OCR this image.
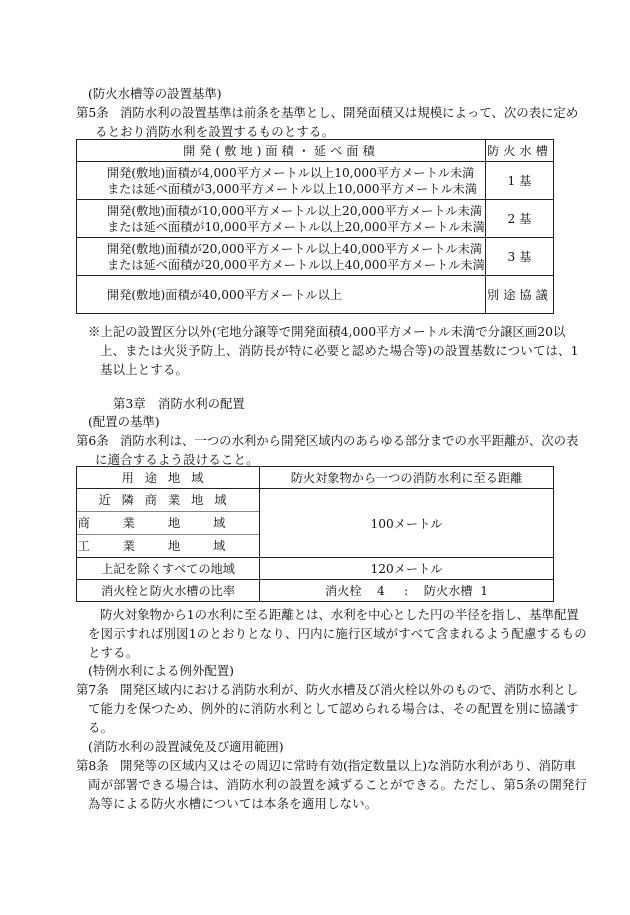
(防火水槽等の設置基準)
第5条 消防水利の設置基準は前条を基準とし、開発面積又は規模によって、次の表に定め
るとおり消防水利を設置するものとする。
開発(敷地)面積・延べ面積	防火水槽

開発(敷地)面積が4,000平方メートル以上10,000平方メートル未満
または延べ面積が3,000平方メートル以上10,000平方メートル未満	1 基

開発(敷地)面積が10,000平方メートル以上20,000平方メートル未満
または延べ面積が10,000平方メートル以上20,000平方メートル未満	2 基

開発(敷地)面積が20,000平方メートル以上40,000平方メートル未満
または延べ面積が20,000平方メートル以上40,000平方メートル未満	3 基
開発(敷地)面積が40,000平方メートル以上	別途協議
※上記の設置区分以外(宅地分譲等で開発面積4,000平方メートル未満で分譲区画20以
上、または火災予防上、消防長が特に必要と認めた場合等)の設置基数については、1
基以上とする。
第3章　消防水利の配置
(配置の基準)
第6条 消防水利は、一つの水利から開発区域内のあらゆる部分までの水平距離が、次の表
に適合するよう設けること。
用途地域	防火対象物から一つの消防水利に至る距離

近隣商業地域
商業地域
工業地域	100メートル
上記を除くすべての地域	120メートル
消火栓と防火水槽の比率	消火栓 4 : 防火水槽 1
防火対象物から1の水利に至る距離とは、水利を中心とした円の半径を指し、基準配置
を図示すれば別図1のとおりとなり、円内に施行区域がすべて含まれるよう配慮するもの
とする。
(特例水利による例外配置)
第7条 開発区域内における消防水利が、防火水槽及び消火栓以外のもので、消防水利とし
て能力を保つため、例外的に消防水利として認められる場合は、その配置を別に協議す
る。
(消防水利の設置減免及び適用範囲)
第8条 開発等の区域内又はその周辺に常時有効(指定数量以上)な消防水利があり、消防車
両が部署できる場合は、消防水利の設置を減ずることができる。ただし、第5条の開発行
為等による防火水槽については本条を適用しない。
